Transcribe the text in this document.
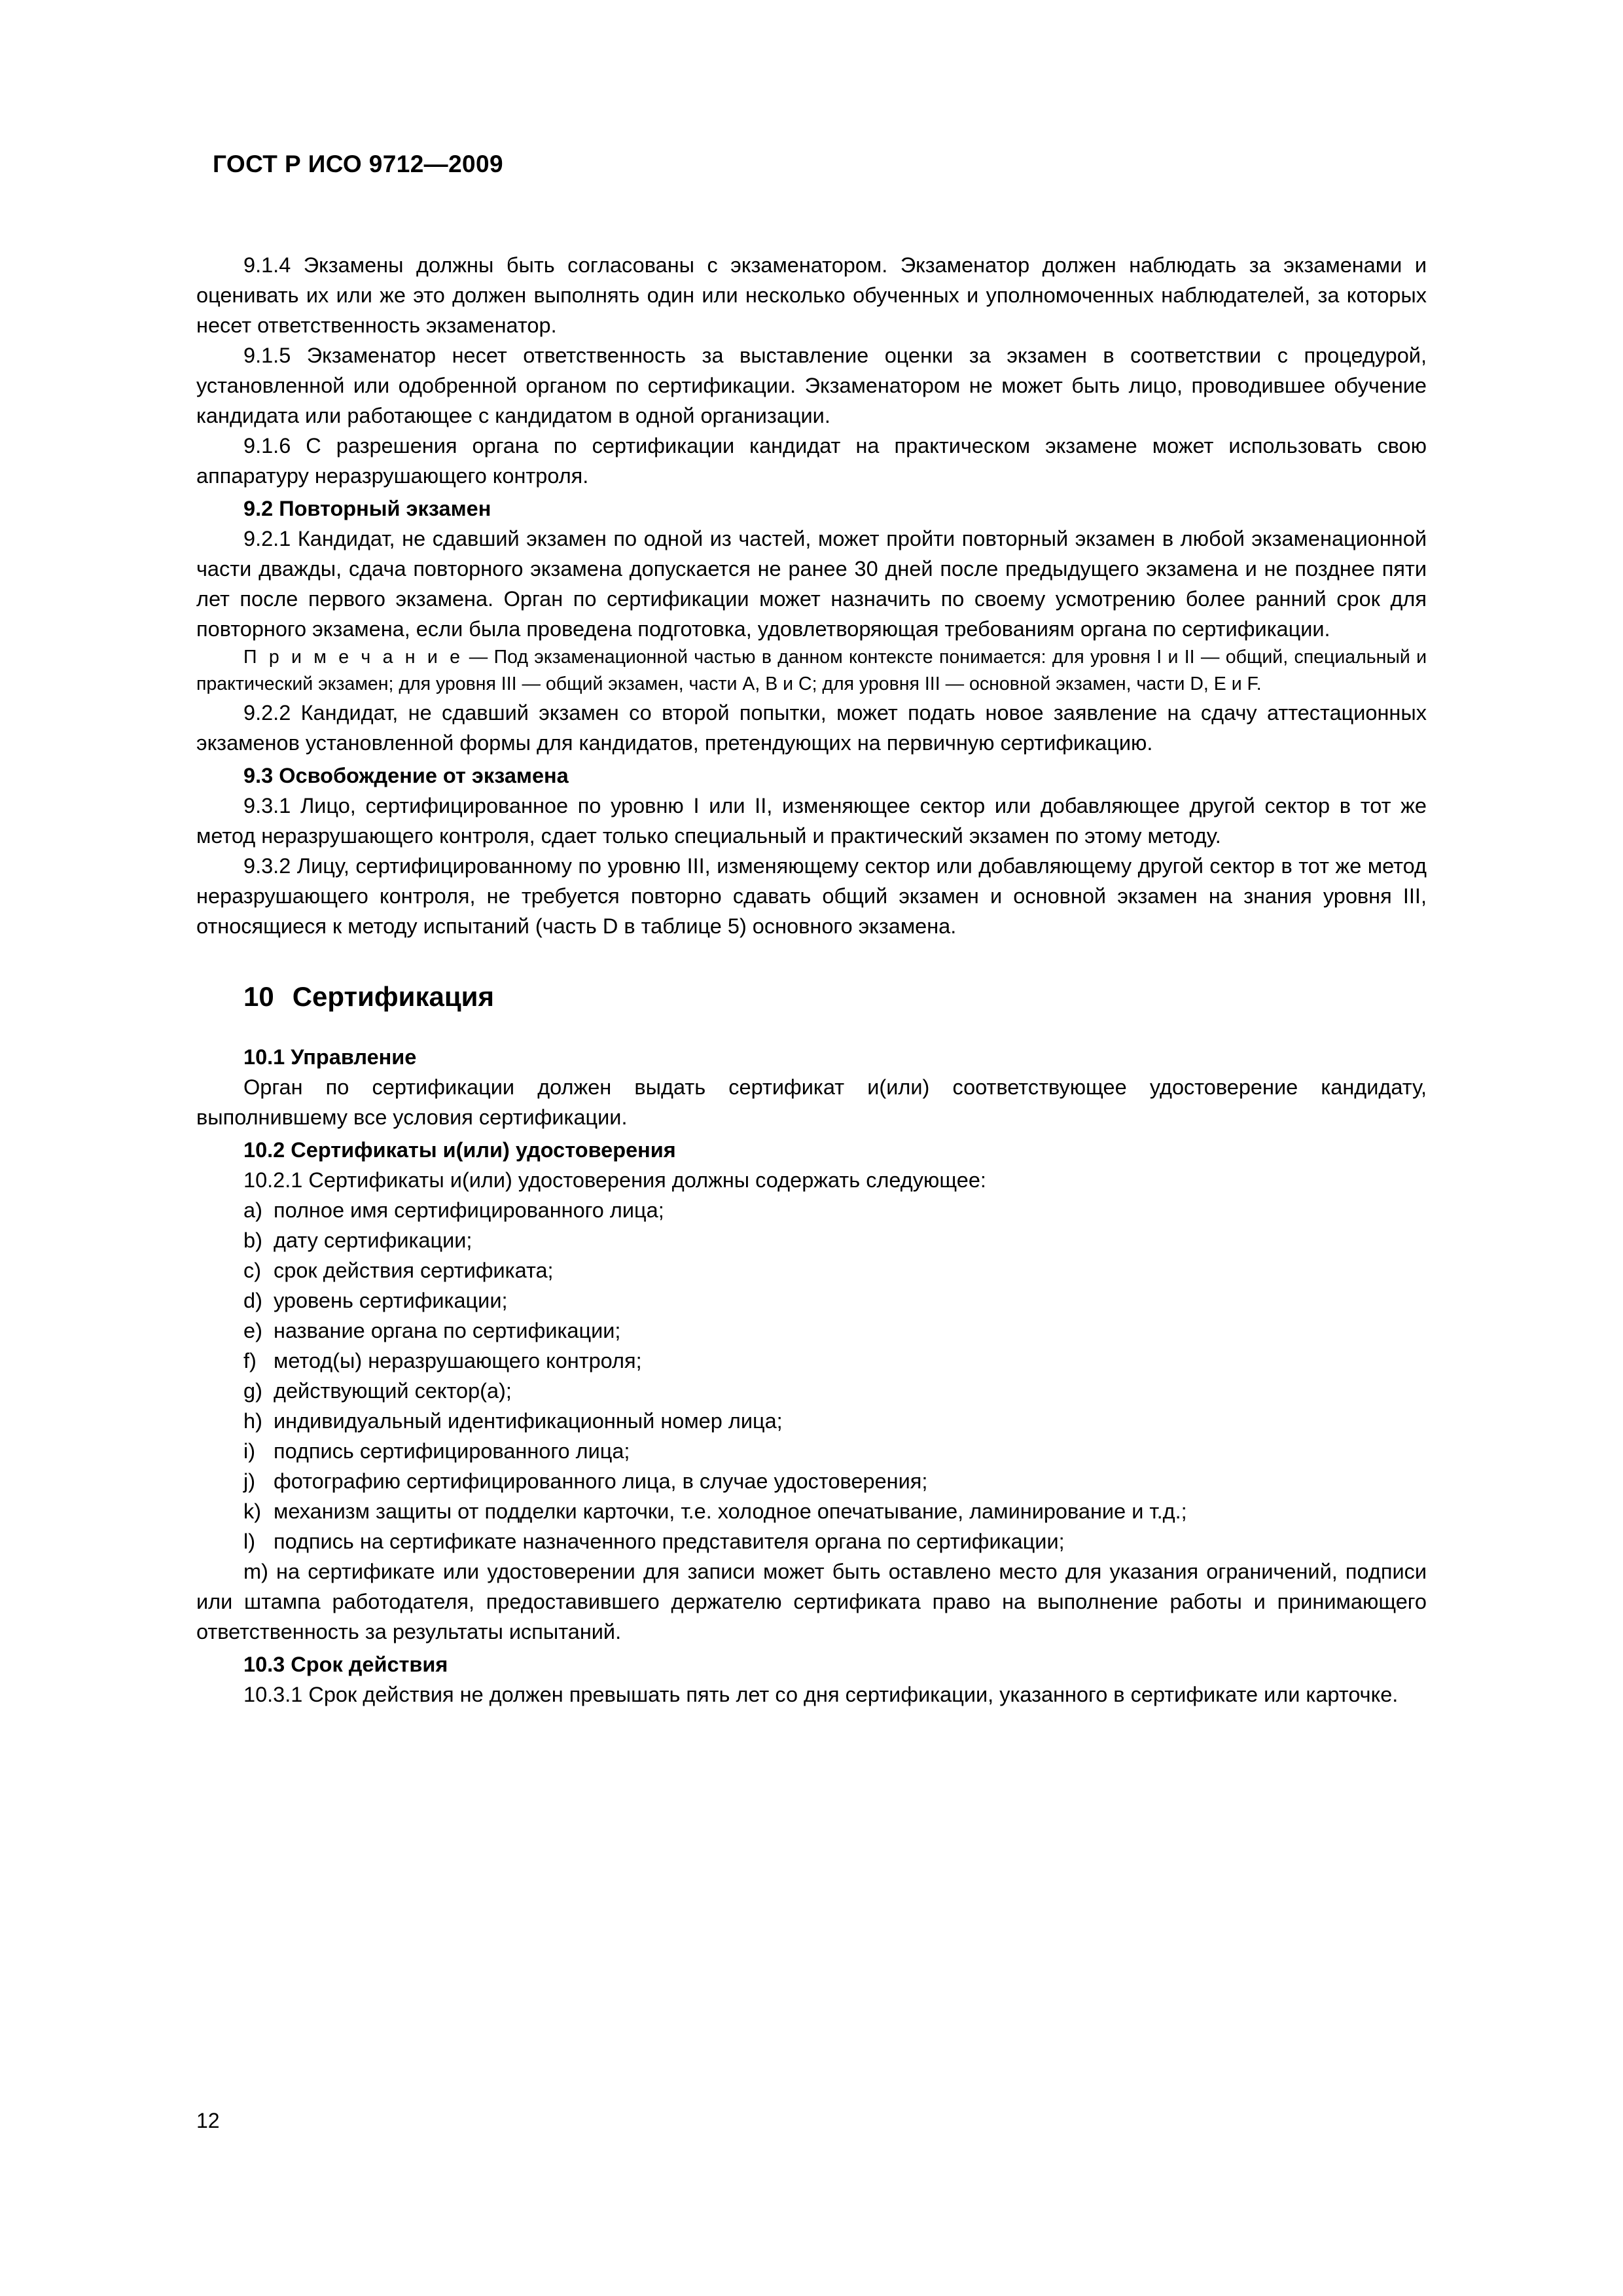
ГОСТ Р ИСО 9712—2009

9.1.4 Экзамены должны быть согласованы с экзаменатором. Экзаменатор должен наблюдать за экзаменами и оценивать их или же это должен выполнять один или несколько обученных и уполномоченных наблюдателей, за которых несет ответственность экзаменатор.

9.1.5 Экзаменатор несет ответственность за выставление оценки за экзамен в соответствии с процедурой, установленной или одобренной органом по сертификации. Экзаменатором не может быть лицо, проводившее обучение кандидата или работающее с кандидатом в одной организации.

9.1.6 С разрешения органа по сертификации кандидат на практическом экзамене может использовать свою аппаратуру неразрушающего контроля.

9.2 Повторный экзамен

9.2.1 Кандидат, не сдавший экзамен по одной из частей, может пройти повторный экзамен в любой экзаменационной части дважды, сдача повторного экзамена допускается не ранее 30 дней после предыдущего экзамена и не позднее пяти лет после первого экзамена. Орган по сертификации может назначить по своему усмотрению более ранний срок для повторного экзамена, если была проведена подготовка, удовлетворяющая требованиям органа по сертификации.

П р и м е ч а н и е — Под экзаменационной частью в данном контексте понимается: для уровня I и II — общий, специальный и практический экзамен; для уровня III — общий экзамен, части А, В и С; для уровня III — основной экзамен, части D, Е и F.

9.2.2 Кандидат, не сдавший экзамен со второй попытки, может подать новое заявление на сдачу аттестационных экзаменов установленной формы для кандидатов, претендующих на первичную сертификацию.

9.3 Освобождение от экзамена

9.3.1 Лицо, сертифицированное по уровню I или II, изменяющее сектор или добавляющее другой сектор в тот же метод неразрушающего контроля, сдает только специальный и практический экзамен по этому методу.

9.3.2 Лицу, сертифицированному по уровню III, изменяющему сектор или добавляющему другой сектор в тот же метод неразрушающего контроля, не требуется повторно сдавать общий экзамен и основной экзамен на знания уровня III, относящиеся к методу испытаний (часть D в таблице 5) основного экзамена.

10 Сертификация

10.1 Управление

Орган по сертификации должен выдать сертификат и(или) соответствующее удостоверение кандидату, выполнившему все условия сертификации.

10.2 Сертификаты и(или) удостоверения

10.2.1 Сертификаты и(или) удостоверения должны содержать следующее:

a) полное имя сертифицированного лица;
b) дату сертификации;
c) срок действия сертификата;
d) уровень сертификации;
e) название органа по сертификации;
f) метод(ы) неразрушающего контроля;
g) действующий сектор(а);
h) индивидуальный идентификационный номер лица;
i) подпись сертифицированного лица;
j) фотографию сертифицированного лица, в случае удостоверения;
k) механизм защиты от подделки карточки, т.е. холодное опечатывание, ламинирование и т.д.;
l) подпись на сертификате назначенного представителя органа по сертификации;

m) на сертификате или удостоверении для записи может быть оставлено место для указания ограничений, подписи или штампа работодателя, предоставившего держателю сертификата право на выполнение работы и принимающего ответственность за результаты испытаний.

10.3 Срок действия

10.3.1 Срок действия не должен превышать пять лет со дня сертификации, указанного в сертификате или карточке.

12
